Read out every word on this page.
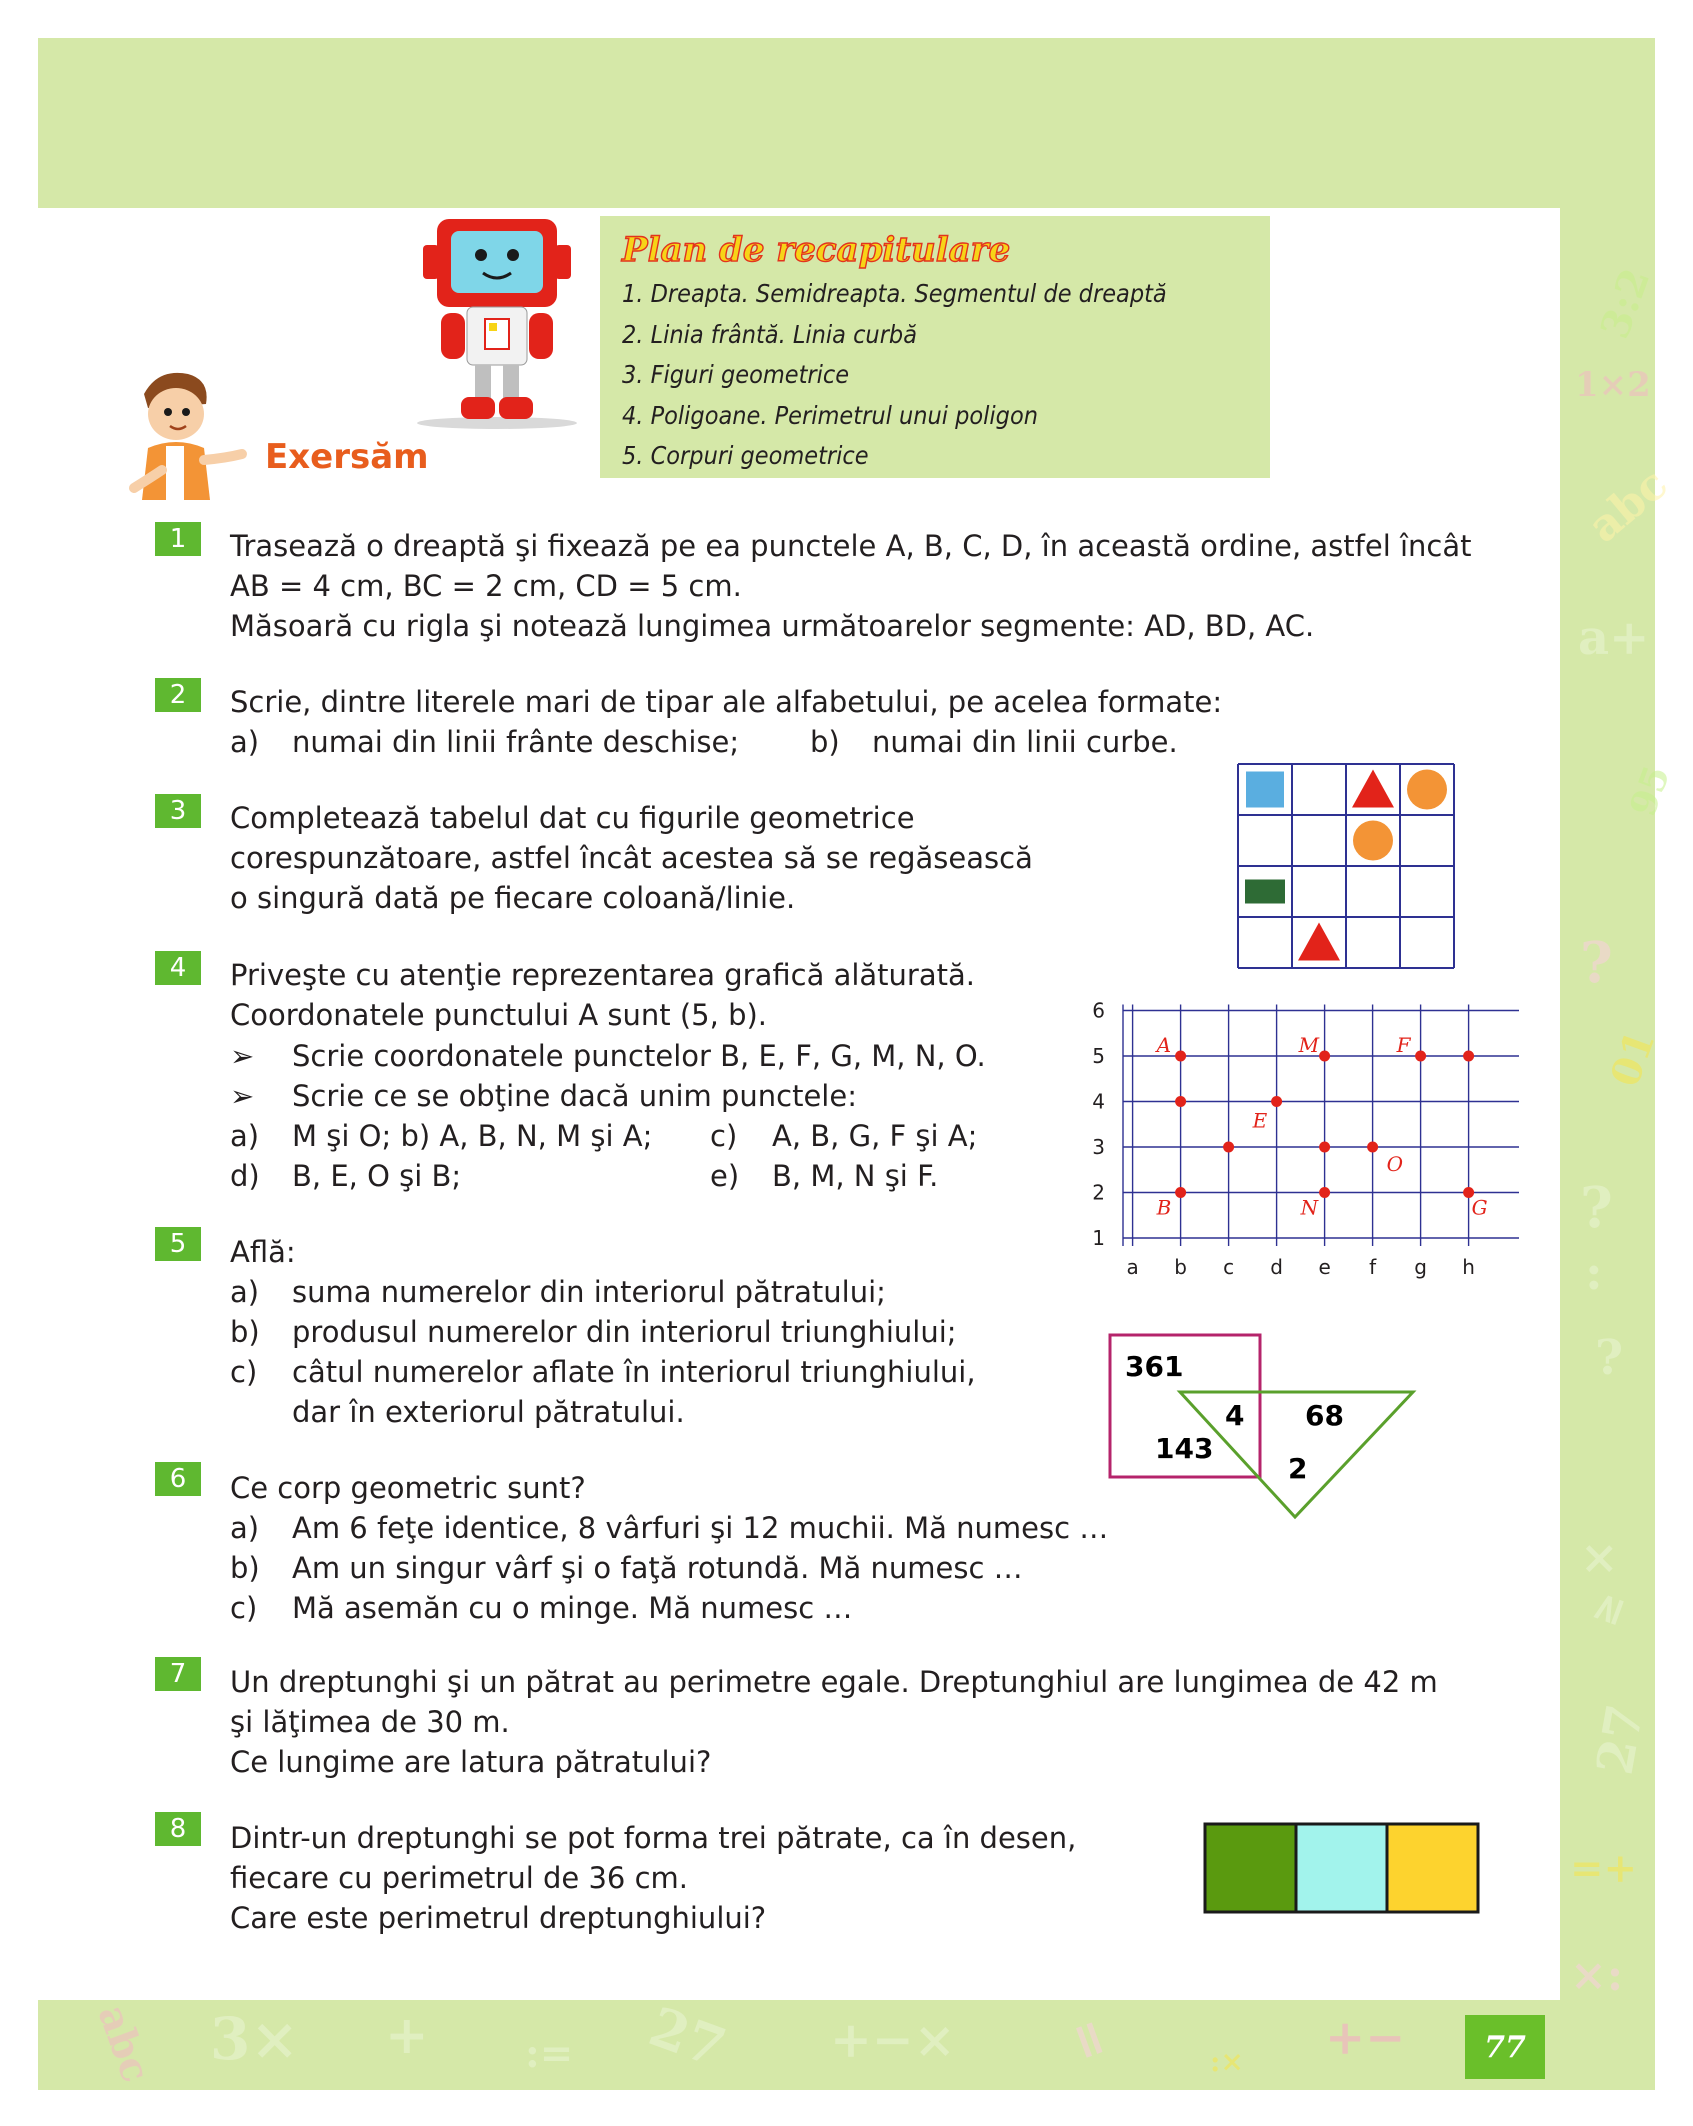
3:2
1×2
abc
a+
95
?
01
?
:
?
×
≥
27
=+
×:
abc 3× + := 27 +−× =	:× +−	77
Plan de recapitulare
1. Dreapta. Semidreapta. Segmentul de dreaptă
2. Linia frântă. Linia curbă
3. Figuri geometrice
4. Poligoane. Perimetrul unui poligon
5. Corpuri geometrice
Exersăm
1
2
3
4
5
6
7
8
Trasează o dreaptă şi fixează pe ea punctele A, B, C, D, în această ordine, astfel încât
AB = 4 cm, BC = 2 cm, CD = 5 cm.
Măsoară cu rigla şi notează lungimea următoarelor segmente: AD, BD, AC.
Scrie, dintre literele mari de tipar ale alfabetului, pe acelea formate:
a) numai din linii frânte deschise; b) numai din linii curbe.
Completează tabelul dat cu figurile geometrice
corespunzătoare, astfel încât acestea să se regăsească
o singură dată pe fiecare coloană/linie.
Priveşte cu atenţie reprezentarea grafică alăturată.
Coordonatele punctului A sunt (5, b).
➢ Scrie coordonatele punctelor B, E, F, G, M, N, O.
➢ Scrie ce se obţine dacă unim punctele:
a) M şi O; b) A, B, N, M şi A; c) A, B, G, F şi A;
d) B, E, O şi B;	e) B, M, N şi F.
Află:
a) suma numerelor din interiorul pătratului;
b) produsul numerelor din interiorul triunghiului;
c) câtul numerelor aflate în interiorul triunghiului,
dar în exteriorul pătratului.
Ce corp geometric sunt?
a) Am 6 feţe identice, 8 vârfuri şi 12 muchii. Mă numesc …
b) Am un singur vârf şi o faţă rotundă. Mă numesc …
c) Mă asemăn cu o minge. Mă numesc …
Un dreptunghi şi un pătrat au perimetre egale. Dreptunghiul are lungimea de 42 m
şi lăţimea de 30 m.
Ce lungime are latura pătratului?
Dintr-un dreptunghi se pot forma trei pătrate, ca în desen,
fiecare cu perimetrul de 36 cm.
Care este perimetrul dreptunghiului?
1
2
3
4
5
6
a b c d e f g h
A	M	F
E
O
B	N	G
361
4 68
143
2
